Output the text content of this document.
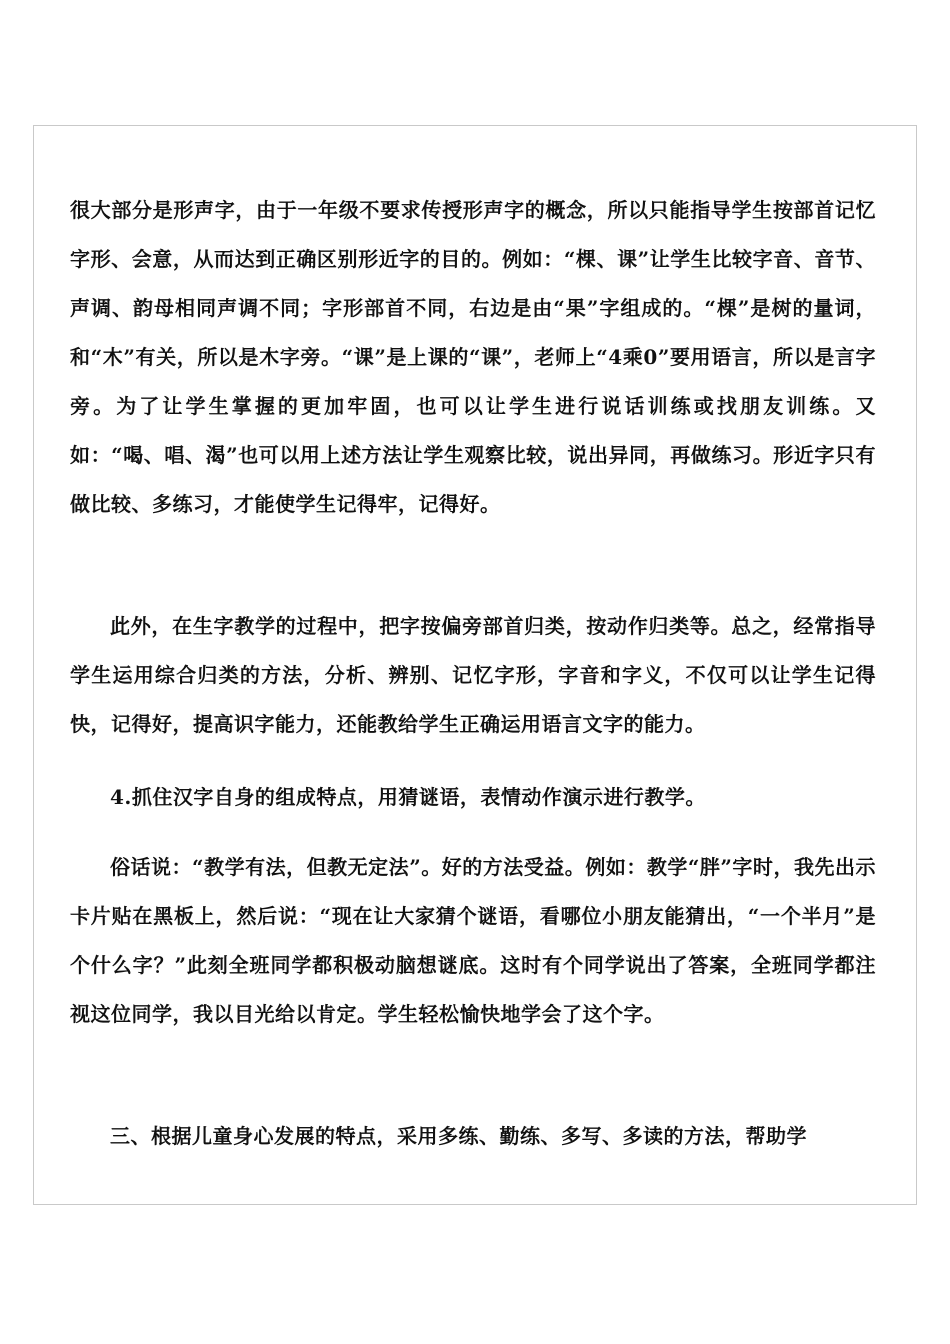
很大部分是形声字，由于一年级不要求传授形声字的概念，所以只能指导学生按部首记忆字形、会意，从而达到正确区别形近字的目的。例如：“棵、课”让学生比较字音、音节、声调、韵母相同声调不同；字形部首不同，右边是由“果”字组成的。“棵”是树的量词，和“木”有关，所以是木字旁。“课”是上课的“课”，老师上“4乘0”要用语言，所以是言字旁。为了让学生掌握的更加牢固，也可以让学生进行说话训练或找朋友训练。又如：“喝、唱、渴”也可以用上述方法让学生观察比较，说出异同，再做练习。形近字只有做比较、多练习，才能使学生记得牢，记得好。

此外，在生字教学的过程中，把字按偏旁部首归类，按动作归类等。总之，经常指导学生运用综合归类的方法，分析、辨别、记忆字形，字音和字义，不仅可以让学生记得快，记得好，提高识字能力，还能教给学生正确运用语言文字的能力。

4.抓住汉字自身的组成特点，用猜谜语，表情动作演示进行教学。

俗话说：“教学有法，但教无定法”。好的方法受益。例如：教学“胖”字时，我先出示卡片贴在黑板上，然后说：“现在让大家猜个谜语，看哪位小朋友能猜出，“一个半月”是个什么字？”此刻全班同学都积极动脑想谜底。这时有个同学说出了答案，全班同学都注视这位同学，我以目光给以肯定。学生轻松愉快地学会了这个字。

三、根据儿童身心发展的特点，采用多练、勤练、多写、多读的方法，帮助学
